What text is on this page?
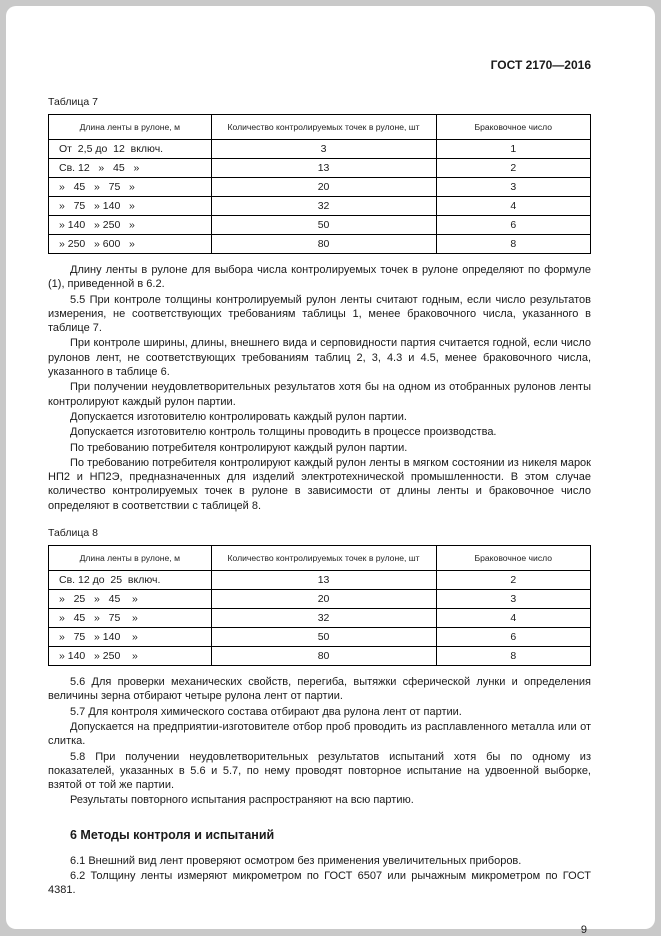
ГОСТ 2170—2016
Таблица 7
Длина ленты в рулоне, м	Количество контролируемых точек в рулоне, шт	Браковочное число
От  2,5 до  12  включ.	3	1
Св. 12   »   45   »	13	2
»   45   »   75   »	20	3
»   75   » 140   »	32	4
» 140   » 250   »	50	6
» 250   » 600   »	80	8

Длину ленты в рулоне для выбора числа контролируемых точек в рулоне определяют по формуле (1), приведенной в 6.2.

5.5 При контроле толщины контролируемый рулон ленты считают годным, если число результатов измерения, не соответствующих требованиям таблицы 1, менее браковочного числа, указанного в таблице 7.

При контроле ширины, длины, внешнего вида и серповидности партия считается годной, если число рулонов лент, не соответствующих требованиям таблиц 2, 3, 4.3 и 4.5, менее браковочного числа, указанного в таблице 6.

При получении неудовлетворительных результатов хотя бы на одном из отобранных рулонов ленты контролируют каждый рулон партии.

Допускается изготовителю контролировать каждый рулон партии.

Допускается изготовителю контроль толщины проводить в процессе производства.

По требованию потребителя контролируют каждый рулон партии.

По требованию потребителя контролируют каждый рулон ленты в мягком состоянии из никеля марок НП2 и НП2Э, предназначенных для изделий электротехнической промышленности. В этом случае количество контролируемых точек в рулоне в зависимости от длины ленты и браковочное число определяют в соответствии с таблицей 8.

Таблица 8
Длина ленты в рулоне, м	Количество контролируемых точек в рулоне, шт	Браковочное число
Св. 12 до  25  включ.	13	2
»   25   »   45    »	20	3
»   45   »   75    »	32	4
»   75   » 140    »	50	6
» 140   » 250    »	80	8

5.6 Для проверки механических свойств, перегиба, вытяжки сферической лунки и определения величины зерна отбирают четыре рулона лент от партии.

5.7 Для контроля химического состава отбирают два рулона лент от партии.

Допускается на предприятии-изготовителе отбор проб проводить из расплавленного металла или от слитка.

5.8 При получении неудовлетворительных результатов испытаний хотя бы по одному из показателей, указанных в 5.6 и 5.7, по нему проводят повторное испытание на удвоенной выборке, взятой от той же партии.

Результаты повторного испытания распространяют на всю партию.

6 Методы контроля и испытаний

6.1 Внешний вид лент проверяют осмотром без применения увеличительных приборов.

6.2 Толщину ленты измеряют микрометром по ГОСТ 6507 или рычажным микрометром по ГОСТ 4381.

9
